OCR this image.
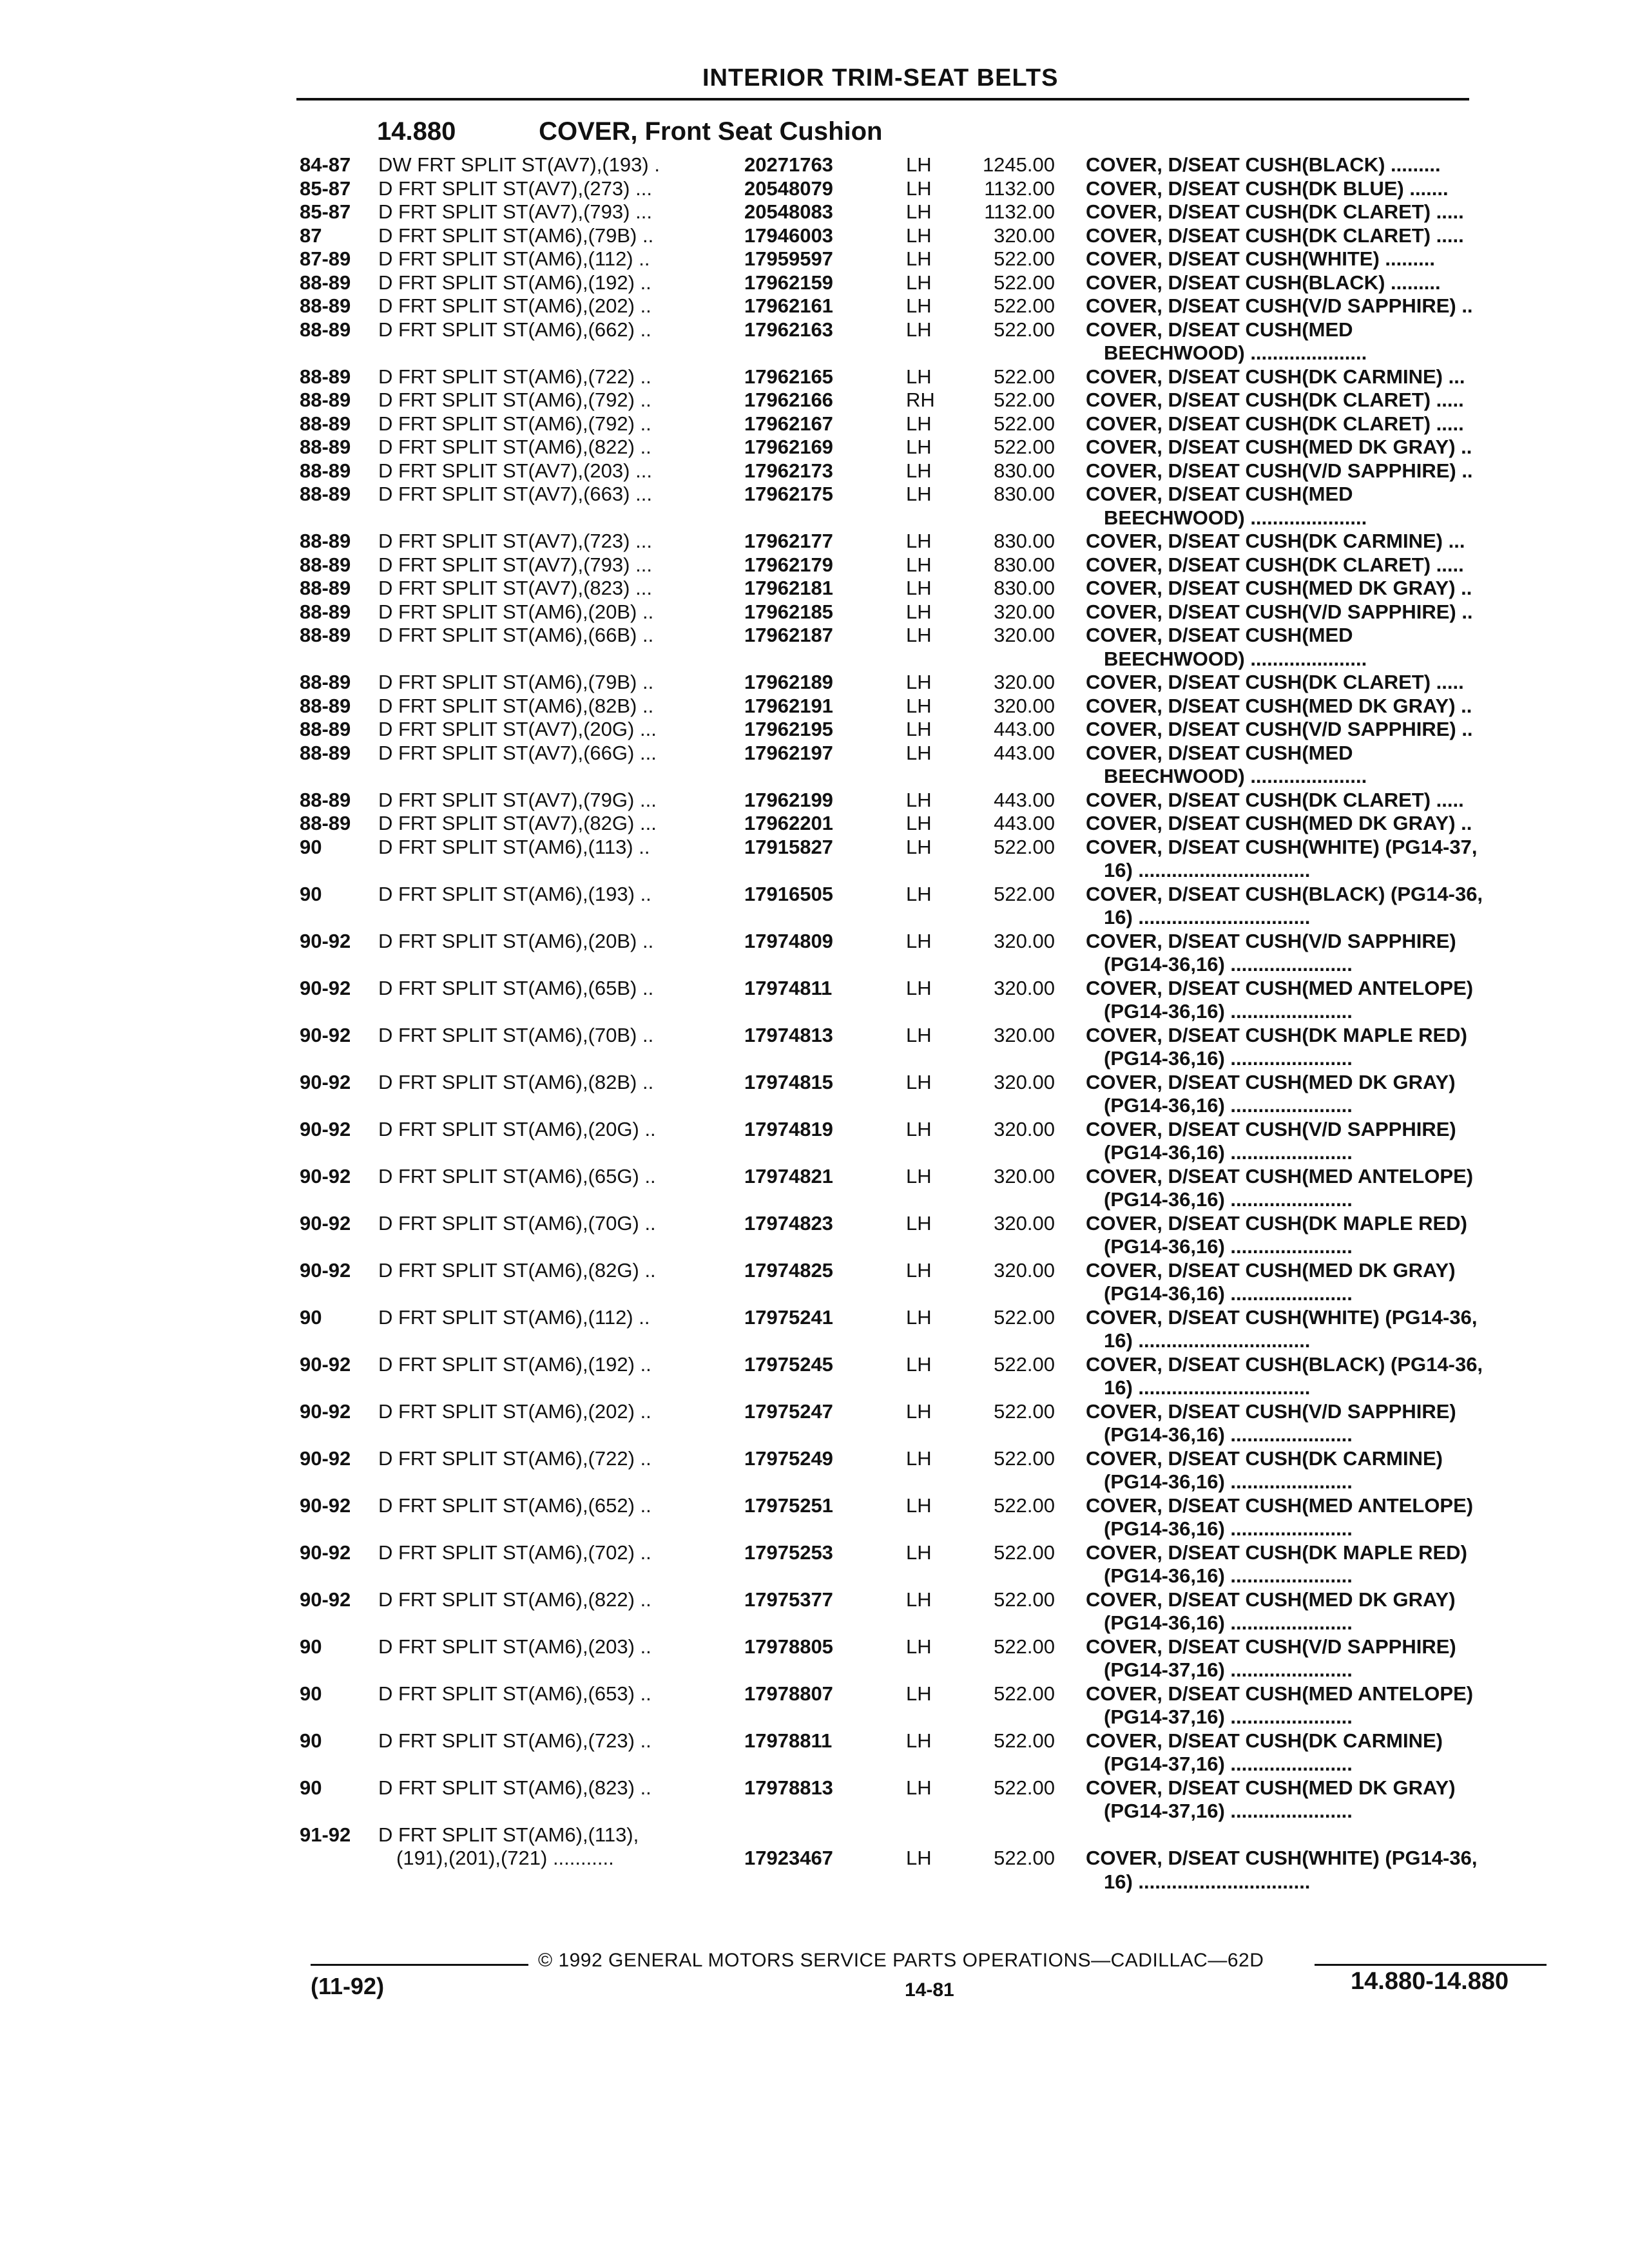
INTERIOR TRIM-SEAT BELTS
14.880	COVER, Front Seat Cushion
84-87	DW FRT SPLIT ST(AV7),(193) .	20271763	LH	1245.00	COVER, D/SEAT CUSH(BLACK) .........
85-87	D FRT SPLIT ST(AV7),(273) ...	20548079	LH	1132.00	COVER, D/SEAT CUSH(DK BLUE) .......
85-87	D FRT SPLIT ST(AV7),(793) ...	20548083	LH	1132.00	COVER, D/SEAT CUSH(DK CLARET) .....
87	D FRT SPLIT ST(AM6),(79B) ..	17946003	LH	320.00	COVER, D/SEAT CUSH(DK CLARET) .....
87-89	D FRT SPLIT ST(AM6),(112) ..	17959597	LH	522.00	COVER, D/SEAT CUSH(WHITE) .........
88-89	D FRT SPLIT ST(AM6),(192) ..	17962159	LH	522.00	COVER, D/SEAT CUSH(BLACK) .........
88-89	D FRT SPLIT ST(AM6),(202) ..	17962161	LH	522.00	COVER, D/SEAT CUSH(V/D SAPPHIRE) ..
88-89	D FRT SPLIT ST(AM6),(662) ..	17962163	LH	522.00	COVER, D/SEAT CUSH(MED
BEECHWOOD) .....................
88-89	D FRT SPLIT ST(AM6),(722) ..	17962165	LH	522.00	COVER, D/SEAT CUSH(DK CARMINE) ...
88-89	D FRT SPLIT ST(AM6),(792) ..	17962166	RH	522.00	COVER, D/SEAT CUSH(DK CLARET) .....
88-89	D FRT SPLIT ST(AM6),(792) ..	17962167	LH	522.00	COVER, D/SEAT CUSH(DK CLARET) .....
88-89	D FRT SPLIT ST(AM6),(822) ..	17962169	LH	522.00	COVER, D/SEAT CUSH(MED DK GRAY) ..
88-89	D FRT SPLIT ST(AV7),(203) ...	17962173	LH	830.00	COVER, D/SEAT CUSH(V/D SAPPHIRE) ..
88-89	D FRT SPLIT ST(AV7),(663) ...	17962175	LH	830.00	COVER, D/SEAT CUSH(MED
BEECHWOOD) .....................
88-89	D FRT SPLIT ST(AV7),(723) ...	17962177	LH	830.00	COVER, D/SEAT CUSH(DK CARMINE) ...
88-89	D FRT SPLIT ST(AV7),(793) ...	17962179	LH	830.00	COVER, D/SEAT CUSH(DK CLARET) .....
88-89	D FRT SPLIT ST(AV7),(823) ...	17962181	LH	830.00	COVER, D/SEAT CUSH(MED DK GRAY) ..
88-89	D FRT SPLIT ST(AM6),(20B) ..	17962185	LH	320.00	COVER, D/SEAT CUSH(V/D SAPPHIRE) ..
88-89	D FRT SPLIT ST(AM6),(66B) ..	17962187	LH	320.00	COVER, D/SEAT CUSH(MED
BEECHWOOD) .....................
88-89	D FRT SPLIT ST(AM6),(79B) ..	17962189	LH	320.00	COVER, D/SEAT CUSH(DK CLARET) .....
88-89	D FRT SPLIT ST(AM6),(82B) ..	17962191	LH	320.00	COVER, D/SEAT CUSH(MED DK GRAY) ..
88-89	D FRT SPLIT ST(AV7),(20G) ...	17962195	LH	443.00	COVER, D/SEAT CUSH(V/D SAPPHIRE) ..
88-89	D FRT SPLIT ST(AV7),(66G) ...	17962197	LH	443.00	COVER, D/SEAT CUSH(MED
BEECHWOOD) .....................
88-89	D FRT SPLIT ST(AV7),(79G) ...	17962199	LH	443.00	COVER, D/SEAT CUSH(DK CLARET) .....
88-89	D FRT SPLIT ST(AV7),(82G) ...	17962201	LH	443.00	COVER, D/SEAT CUSH(MED DK GRAY) ..
90	D FRT SPLIT ST(AM6),(113) ..	17915827	LH	522.00	COVER, D/SEAT CUSH(WHITE) (PG14-37,
16) ...............................
90	D FRT SPLIT ST(AM6),(193) ..	17916505	LH	522.00	COVER, D/SEAT CUSH(BLACK) (PG14-36,
16) ...............................
90-92	D FRT SPLIT ST(AM6),(20B) ..	17974809	LH	320.00	COVER, D/SEAT CUSH(V/D SAPPHIRE)
(PG14-36,16) ......................
90-92	D FRT SPLIT ST(AM6),(65B) ..	17974811	LH	320.00	COVER, D/SEAT CUSH(MED ANTELOPE)
(PG14-36,16) ......................
90-92	D FRT SPLIT ST(AM6),(70B) ..	17974813	LH	320.00	COVER, D/SEAT CUSH(DK MAPLE RED)
(PG14-36,16) ......................
90-92	D FRT SPLIT ST(AM6),(82B) ..	17974815	LH	320.00	COVER, D/SEAT CUSH(MED DK GRAY)
(PG14-36,16) ......................
90-92	D FRT SPLIT ST(AM6),(20G) ..	17974819	LH	320.00	COVER, D/SEAT CUSH(V/D SAPPHIRE)
(PG14-36,16) ......................
90-92	D FRT SPLIT ST(AM6),(65G) ..	17974821	LH	320.00	COVER, D/SEAT CUSH(MED ANTELOPE)
(PG14-36,16) ......................
90-92	D FRT SPLIT ST(AM6),(70G) ..	17974823	LH	320.00	COVER, D/SEAT CUSH(DK MAPLE RED)
(PG14-36,16) ......................
90-92	D FRT SPLIT ST(AM6),(82G) ..	17974825	LH	320.00	COVER, D/SEAT CUSH(MED DK GRAY)
(PG14-36,16) ......................
90	D FRT SPLIT ST(AM6),(112) ..	17975241	LH	522.00	COVER, D/SEAT CUSH(WHITE) (PG14-36,
16) ...............................
90-92	D FRT SPLIT ST(AM6),(192) ..	17975245	LH	522.00	COVER, D/SEAT CUSH(BLACK) (PG14-36,
16) ...............................
90-92	D FRT SPLIT ST(AM6),(202) ..	17975247	LH	522.00	COVER, D/SEAT CUSH(V/D SAPPHIRE)
(PG14-36,16) ......................
90-92	D FRT SPLIT ST(AM6),(722) ..	17975249	LH	522.00	COVER, D/SEAT CUSH(DK CARMINE)
(PG14-36,16) ......................
90-92	D FRT SPLIT ST(AM6),(652) ..	17975251	LH	522.00	COVER, D/SEAT CUSH(MED ANTELOPE)
(PG14-36,16) ......................
90-92	D FRT SPLIT ST(AM6),(702) ..	17975253	LH	522.00	COVER, D/SEAT CUSH(DK MAPLE RED)
(PG14-36,16) ......................
90-92	D FRT SPLIT ST(AM6),(822) ..	17975377	LH	522.00	COVER, D/SEAT CUSH(MED DK GRAY)
(PG14-36,16) ......................
90	D FRT SPLIT ST(AM6),(203) ..	17978805	LH	522.00	COVER, D/SEAT CUSH(V/D SAPPHIRE)
(PG14-37,16) ......................
90	D FRT SPLIT ST(AM6),(653) ..	17978807	LH	522.00	COVER, D/SEAT CUSH(MED ANTELOPE)
(PG14-37,16) ......................
90	D FRT SPLIT ST(AM6),(723) ..	17978811	LH	522.00	COVER, D/SEAT CUSH(DK CARMINE)
(PG14-37,16) ......................
90	D FRT SPLIT ST(AM6),(823) ..	17978813	LH	522.00	COVER, D/SEAT CUSH(MED DK GRAY)
(PG14-37,16) ......................
91-92	D FRT SPLIT ST(AM6),(113),
(191),(201),(721) ...........	17923467	LH	522.00	COVER, D/SEAT CUSH(WHITE) (PG14-36,
16) ...............................
© 1992 GENERAL MOTORS SERVICE PARTS OPERATIONS—CADILLAC—62D
(11-92)	14-81	14.880-14.880
